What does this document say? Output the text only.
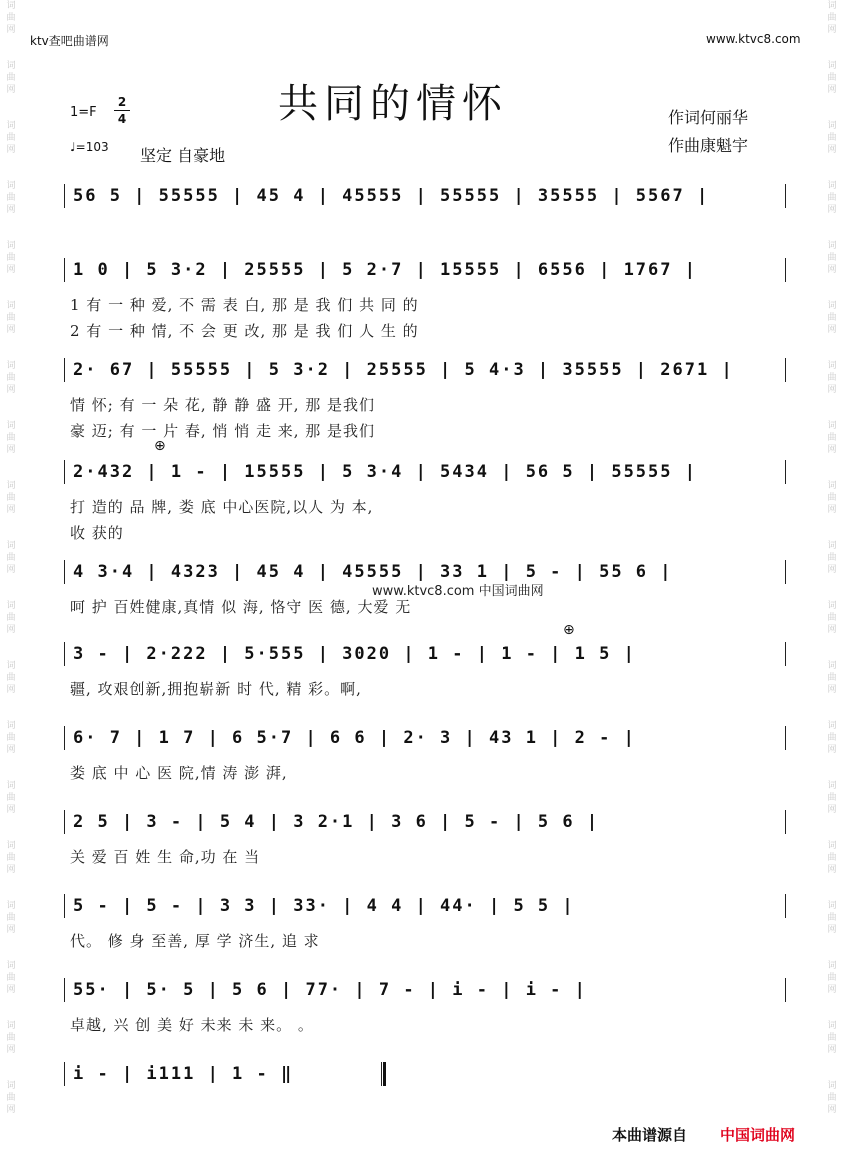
词
曲
网
词
曲
网
词
曲
网
词
曲
网
词
曲
网
词
曲
网
词
曲
网
词
曲
网
词
曲
网
词
曲
网
词
曲
网
词
曲
网
词
曲
网
词
曲
网
词
曲
网
词
曲
网
词
曲
网
词
曲
网
词
曲
网
词
曲
网
词
曲
网
词
曲
网
词
曲
网
词
曲
网
词
曲
网
词
曲
网
词
曲
网
词
曲
网
词
曲
网
词
曲
网
词
曲
网
词
曲
网
词
曲
网
词
曲
网
词
曲
网
词
曲
网
词
曲
网
词
曲
网
ktv查吧曲谱网	www.ktvc8.com
共同的情怀
1=F
2
4
♩=103 坚定 自豪地
作词何丽华
作曲康魁宇
56 5 | 55555 | 45 4 | 45555 | 55555 | 35555 | 5567 |
1 0 | 5 3·2 | 25555 | 5 2·7 | 15555 | 6556 | 1767 |
1 有 一 种 爱, 不 需 表 白, 那 是 我 们 共 同 的
2 有 一 种 情, 不 会 更 改, 那 是 我 们 人 生 的
2· 67 | 55555 | 5 3·2 | 25555 | 5 4·3 | 35555 | 2671 |
情 怀; 有 一 朵 花, 静 静 盛 开, 那 是我们
豪 迈; 有 一 片 春, 悄 悄 走 来, 那 是我们
2·432 | 1 - | 15555 | 5 3·4 | 5434 | 56 5 | 55555 |
打 造的 品 牌, 娄 底 中心医院,以人 为 本,
收 获的
4 3·4 | 4323 | 45 4 | 45555 | 33 1 | 5 - | 55 6 |
呵 护 百姓健康,真情 似 海, 恪守 医 德, 大爱 无
3 - | 2·222 | 5·555 | 3020 | 1 - | 1 - | 1 5 |
疆, 攻艰创新,拥抱崭新 时 代, 精 彩。啊,
6· 7 | 1 7 | 6 5·7 | 6 6 | 2· 3 | 43 1 | 2 - |
娄 底 中 心 医 院,情 涛 澎 湃,
2 5 | 3 - | 5 4 | 3 2·1 | 3 6 | 5 - | 5 6 |
关 爱 百 姓 生 命,功 在 当
5 - | 5 - | 3 3 | 33· | 4 4 | 44· | 5 5 |
代。 修 身 至善, 厚 学 济生, 追 求
55· | 5· 5 | 5 6 | 77· | 7 - | i - | i - |
卓越, 兴 创 美 好 未来 未 来。 。
i - | i111 | 1 - ‖
⊕
⊕
www.ktvc8.com 中国词曲网
本曲谱源自 中国词曲网
